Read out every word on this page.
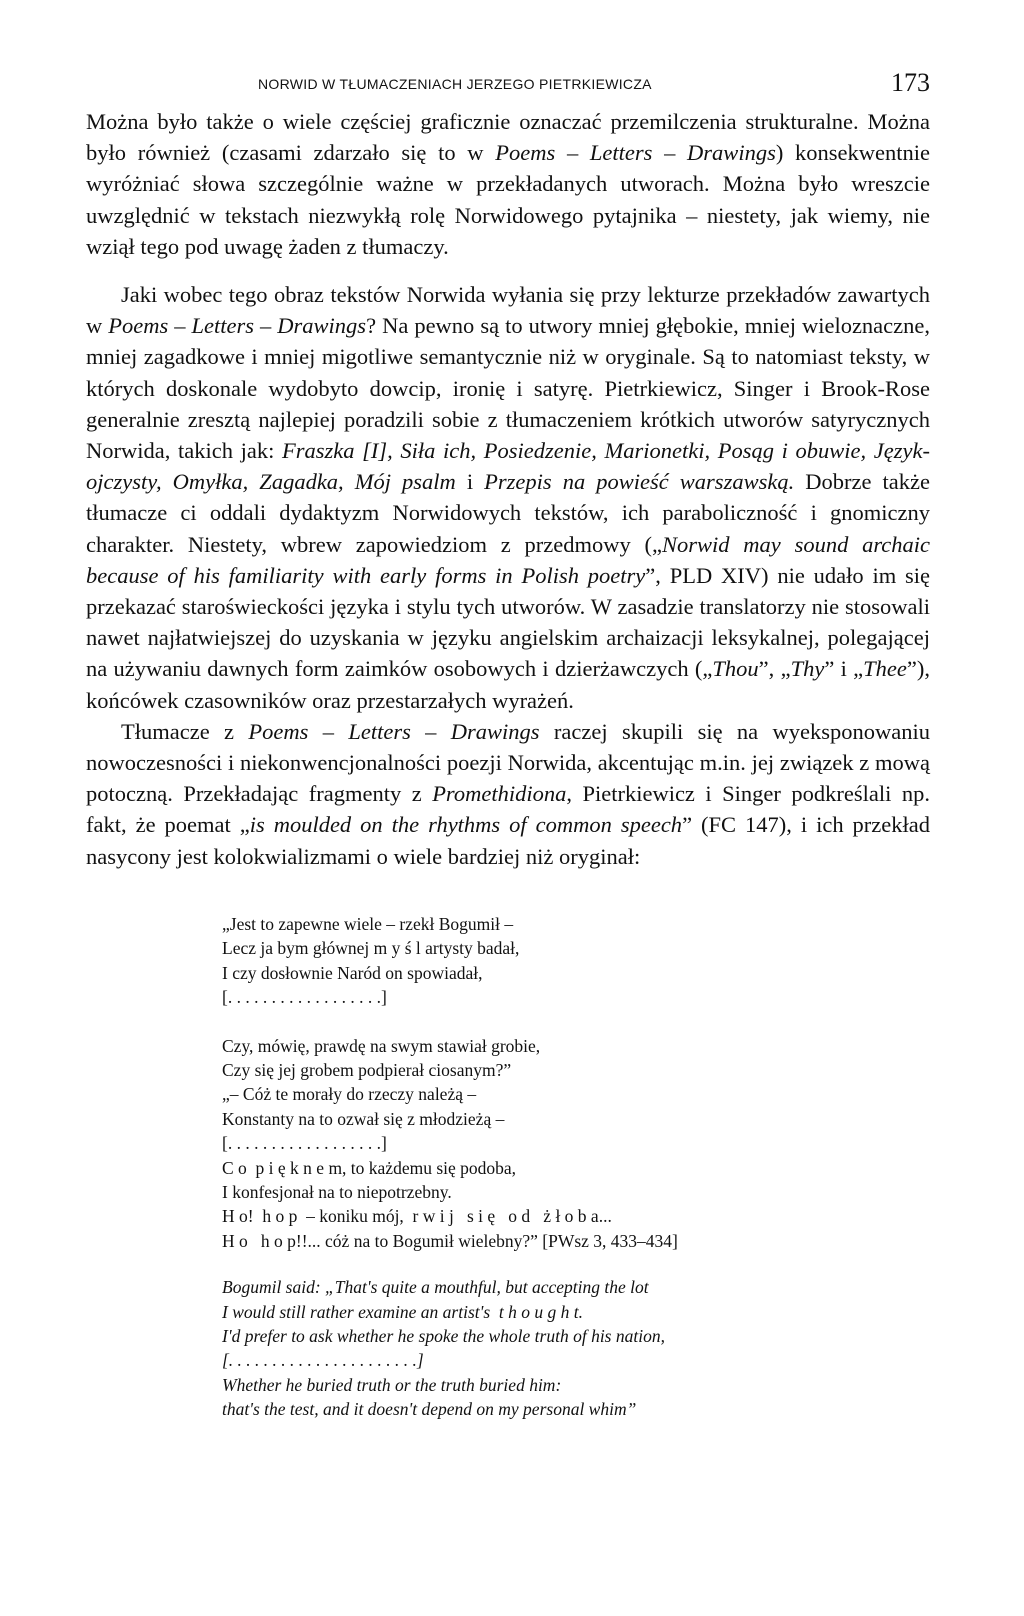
NORWID W TŁUMACZENIACH JERZEGO PIETRKIEWICZA	173

Można było także o wiele częściej graficznie oznaczać przemilczenia strukturalne. Można było również (czasami zdarzało się to w Poems – Letters – Drawings) konsekwentnie wyróżniać słowa szczególnie ważne w przekładanych utworach. Można było wreszcie uwzględnić w tekstach niezwykłą rolę Norwidowego pytajnika – niestety, jak wiemy, nie wziął tego pod uwagę żaden z tłumaczy.

Jaki wobec tego obraz tekstów Norwida wyłania się przy lekturze przekładów zawartych w Poems – Letters – Drawings? Na pewno są to utwory mniej głębokie, mniej wieloznaczne, mniej zagadkowe i mniej migotliwe semantycznie niż w oryginale. Są to natomiast teksty, w których doskonale wydobyto dowcip, ironię i satyrę. Pietrkiewicz, Singer i Brook-Rose generalnie zresztą najlepiej poradzili sobie z tłumaczeniem krótkich utworów satyrycznych Norwida, takich jak: Fraszka [I], Siła ich, Posiedzenie, Marionetki, Posąg i obuwie, Język-ojczysty, Omyłka, Zagadka, Mój psalm i Przepis na powieść warszawską. Dobrze także tłumacze ci oddali dydaktyzm Norwidowych tekstów, ich paraboliczność i gnomiczny charakter. Niestety, wbrew zapowiedziom z przedmowy („Norwid may sound archaic because of his familiarity with early forms in Polish poetry”, PLD XIV) nie udało im się przekazać staroświeckości języka i stylu tych utworów. W zasadzie translatorzy nie stosowali nawet najłatwiejszej do uzyskania w języku angielskim archaizacji leksykalnej, polegającej na używaniu dawnych form zaimków osobowych i dzierżawczych („Thou”, „Thy” i „Thee”), końcówek czasowników oraz przestarzałych wyrażeń.

Tłumacze z Poems – Letters – Drawings raczej skupili się na wyeksponowaniu nowoczesności i niekonwencjonalności poezji Norwida, akcentując m.in. jej związek z mową potoczną. Przekładając fragmenty z Promethidiona, Pietrkiewicz i Singer podkreślali np. fakt, że poemat „is moulded on the rhythms of common speech” (FC 147), i ich przekład nasycony jest kolokwializmami o wiele bardziej niż oryginał:

„Jest to zapewne wiele – rzekł Bogumił –
Lecz ja bym głównej m y ś l artysty badał,
I czy dosłownie Naród on spowiadał,
[. . . . . . . . . . . . . . . . . .]
Czy, mówię, prawdę na swym stawiał grobie,
Czy się jej grobem podpierał ciosanym?”
„– Cóż te morały do rzeczy należą –
Konstanty na to ozwał się z młodzieżą –
[. . . . . . . . . . . . . . . . . .]
C o  p i ę k n e m, to każdemu się podoba,
I konfesjonał na to niepotrzebny.
H o!  h o p  – koniku mój,  r w i j   s i ę   o d   ż ł o b a...
H o   h o p!!... cóż na to Bogumił wielebny?” [PWsz 3, 433–434]
Bogumil said: „That's quite a mouthful, but accepting the lot
I would still rather examine an artist's  t h o u g h t.
I'd prefer to ask whether he spoke the whole truth of his nation,
[. . . . . . . . . . . . . . . . . . . . . .]
Whether he buried truth or the truth buried him:
that's the test, and it doesn't depend on my personal whim”
